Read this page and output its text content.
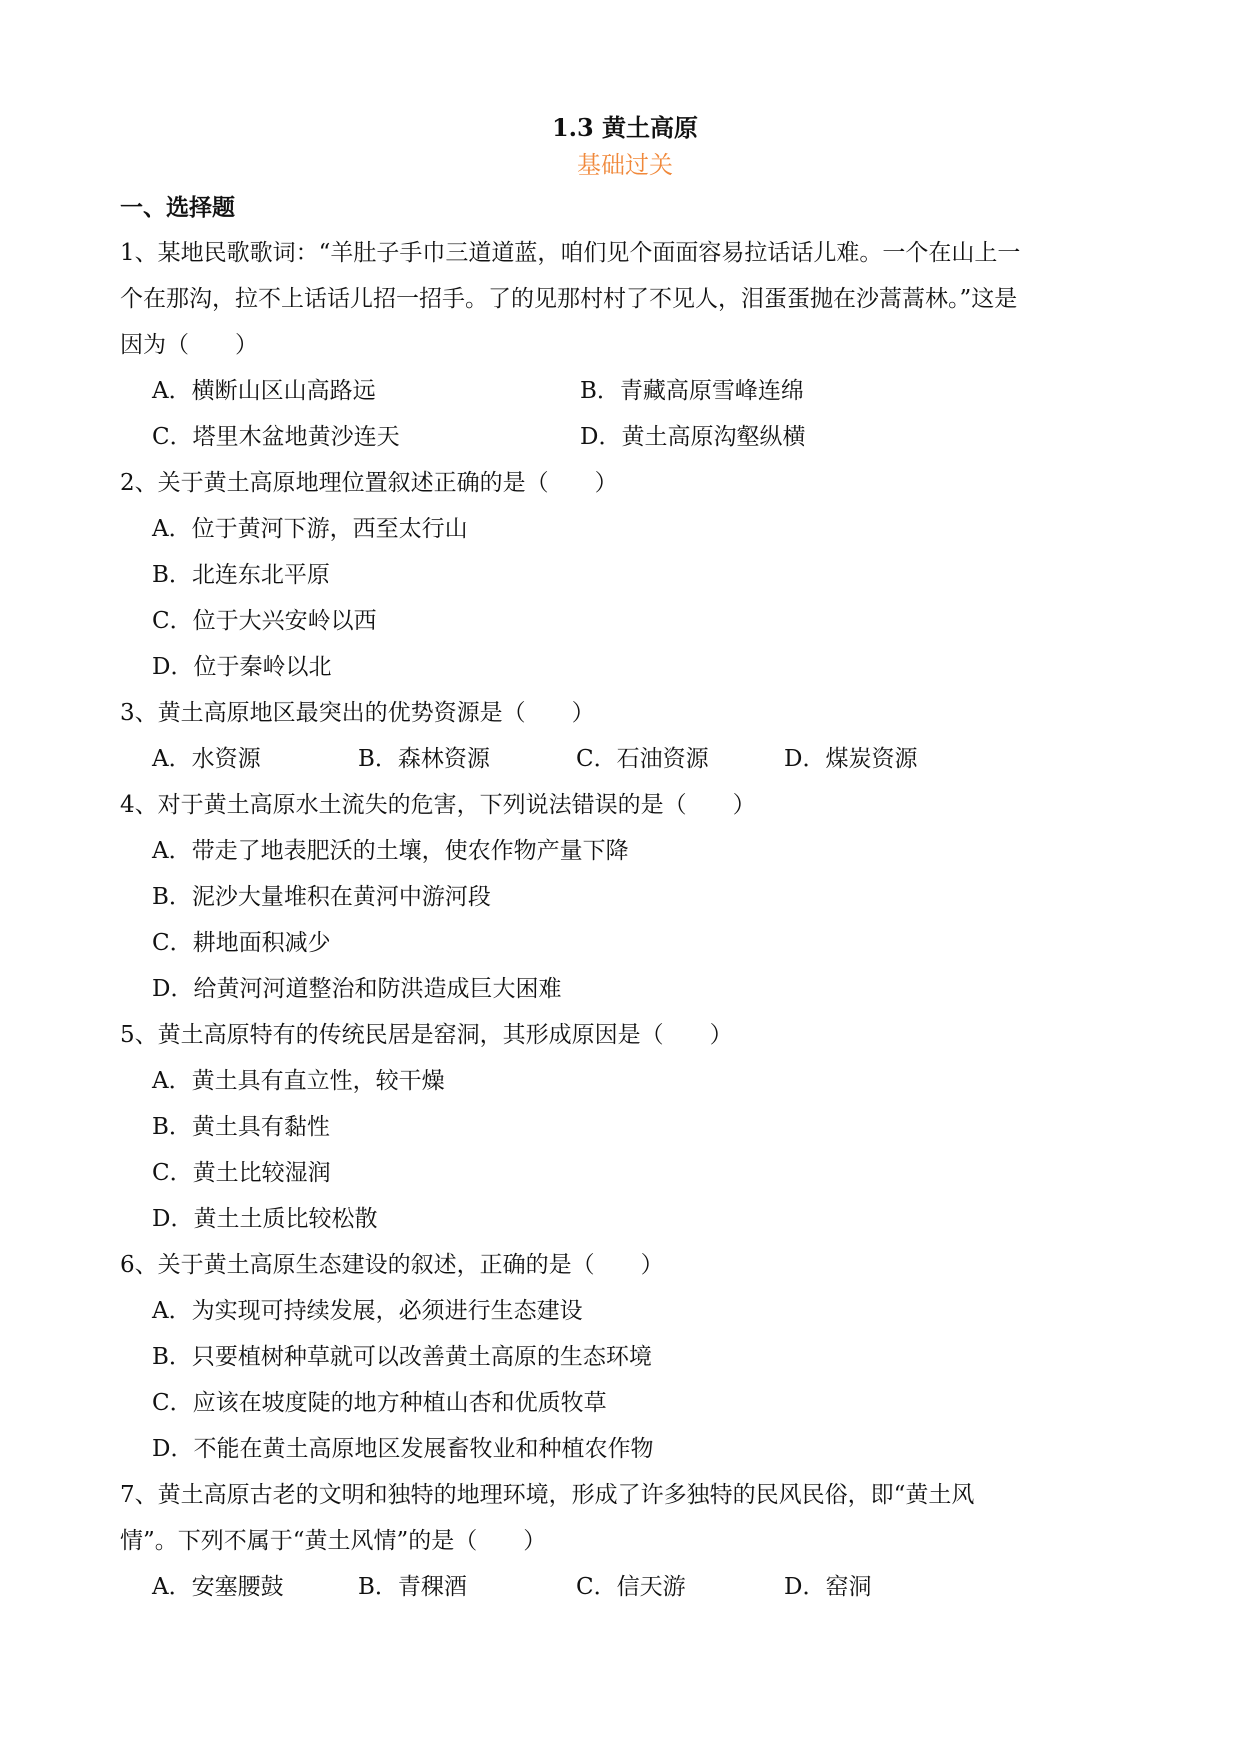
1.3 黄土高原
基础过关
一、选择题
1、某地民歌歌词：“羊肚子手巾三道道蓝，咱们见个面面容易拉话话儿难。一个在山上一
个在那沟，拉不上话话儿招一招手。了的见那村村了不见人，泪蛋蛋抛在沙蒿蒿林。”这是
因为（　　）
A．横断山区山高路远	B．青藏高原雪峰连绵
C．塔里木盆地黄沙连天	D．黄土高原沟壑纵横
2、关于黄土高原地理位置叙述正确的是（　　）
A．位于黄河下游，西至太行山
B．北连东北平原
C．位于大兴安岭以西
D．位于秦岭以北
3、黄土高原地区最突出的优势资源是（　　）
A．水资源	B．森林资源	C．石油资源	D．煤炭资源
4、对于黄土高原水土流失的危害，下列说法错误的是（　　）
A．带走了地表肥沃的土壤，使农作物产量下降
B．泥沙大量堆积在黄河中游河段
C．耕地面积减少
D．给黄河河道整治和防洪造成巨大困难
5、黄土高原特有的传统民居是窑洞，其形成原因是（　　）
A．黄土具有直立性，较干燥
B．黄土具有黏性
C．黄土比较湿润
D．黄土土质比较松散
6、关于黄土高原生态建设的叙述，正确的是（　　）
A．为实现可持续发展，必须进行生态建设
B．只要植树种草就可以改善黄土高原的生态环境
C．应该在坡度陡的地方种植山杏和优质牧草
D．不能在黄土高原地区发展畜牧业和种植农作物
7、黄土高原古老的文明和独特的地理环境，形成了许多独特的民风民俗，即“黄土风
情”。下列不属于“黄土风情”的是（　　）
A．安塞腰鼓	B．青稞酒	C．信天游	D．窑洞
